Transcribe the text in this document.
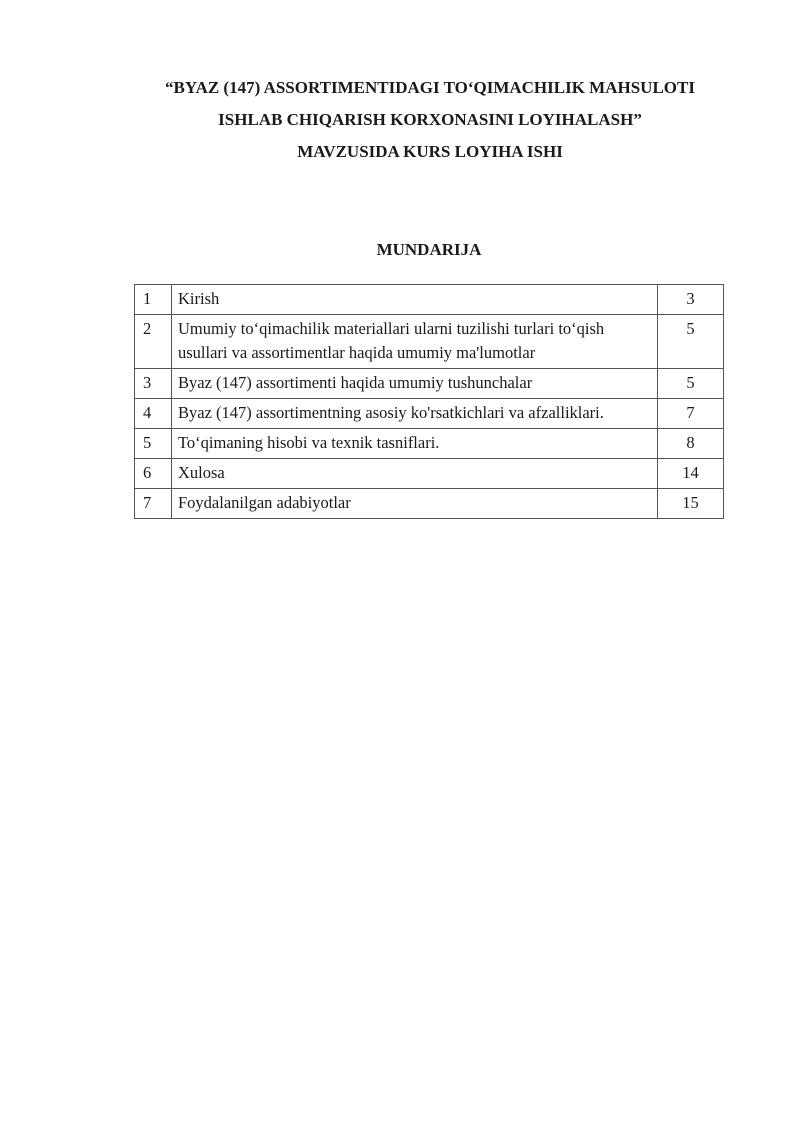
“BYAZ (147) ASSORTIMENTIDAGI TO‘QIMACHILIK MAHSULOTI
ISHLAB CHIQARISH KORXONASINI LOYIHALASH”
MAVZUSIDA KURS LOYIHA ISHI
MUNDARIJA
1	Kirish	3
2	Umumiy to‘qimachilik materiallari ularni tuzilishi turlari to‘qish usullari va assortimentlar haqida umumiy ma'lumotlar	5
3	Byaz (147) assortimenti haqida umumiy tushunchalar	5
4	Byaz (147) assortimentning asosiy ko'rsatkichlari va afzalliklari.	7
5	To‘qimaning hisobi va texnik tasniflari.	8
6	Xulosa	14
7	Foydalanilgan adabiyotlar	15
